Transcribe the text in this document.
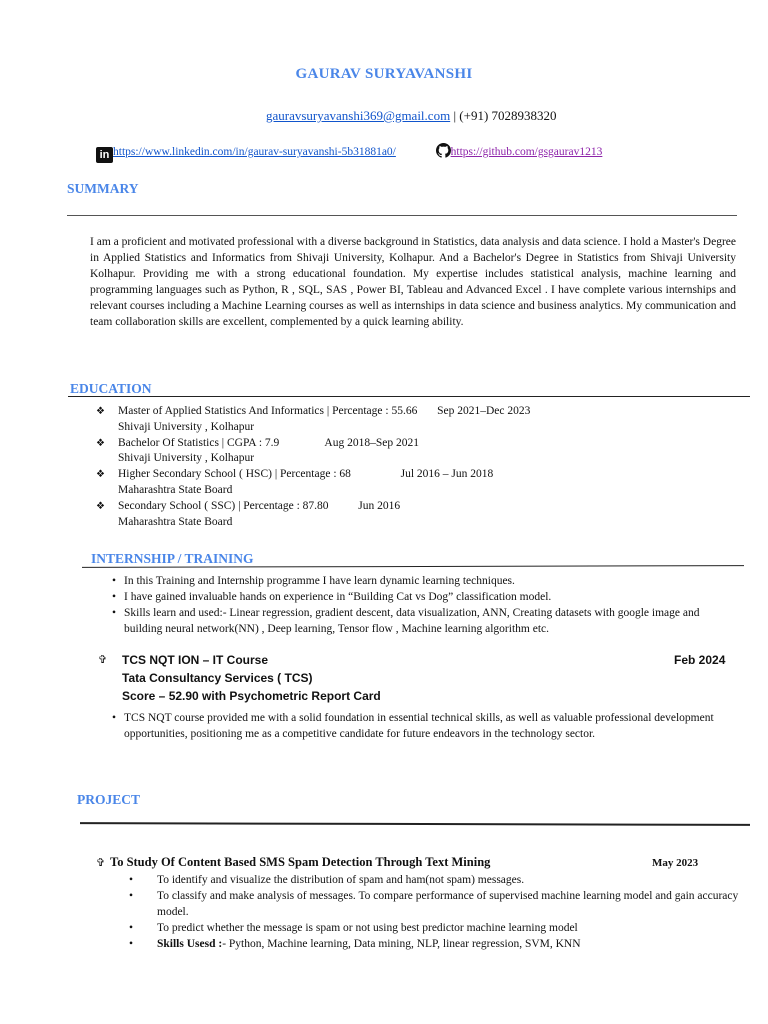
GAURAV SURYAVANSHI
gauravsuryavanshi369@gmail.com | (+91) 7028938320
in https://www.linkedin.com/in/gaurav-suryavanshi-5b31881a0/	https://github.com/gsgaurav1213
SUMMARY
I am a proficient and motivated professional with a diverse background in Statistics, data analysis and data science. I hold a Master's Degree in Applied Statistics and Informatics from Shivaji University, Kolhapur. And a Bachelor's Degree in Statistics from Shivaji University Kolhapur. Providing me with a strong educational foundation. My expertise includes statistical analysis, machine learning and programming languages such as Python, R , SQL, SAS , Power BI, Tableau and Advanced Excel . I have complete various internships and relevant courses including a Machine Learning courses as well as internships in data science and business analytics. My communication and team collaboration skills are excellent, complemented by a quick learning ability.
EDUCATION
❖ Master of Applied Statistics And Informatics | Percentage : 55.66 Sep 2021–Dec 2023
Shivaji University , Kolhapur
❖ Bachelor Of Statistics | CGPA : 7.9	Aug 2018–Sep 2021
Shivaji University , Kolhapur
❖ Higher Secondary School ( HSC) | Percentage : 68	Jul 2016 – Jun 2018
Maharashtra State Board
❖ Secondary School ( SSC) | Percentage : 87.80	Jun 2016
Maharashtra State Board
INTERNSHIP / TRAINING
• In this Training and Internship programme I have learn dynamic learning techniques.
• I have gained invaluable hands on experience in “Building Cat vs Dog” classification model.
• Skills learn and used:- Linear regression, gradient descent, data visualization, ANN, Creating datasets with google image and building neural network(NN) , Deep learning, Tensor flow , Machine learning algorithm etc.
✞ TCS NQT ION – IT Course	Feb 2024
Tata Consultancy Services ( TCS)
Score – 52.90 with Psychometric Report Card
• TCS NQT course provided me with a solid foundation in essential technical skills, as well as valuable professional development opportunities, positioning me as a competitive candidate for future endeavors in the technology sector.
PROJECT
✞ To Study Of Content Based SMS Spam Detection Through Text Mining	May 2023
• To identify and visualize the distribution of spam and ham(not spam) messages.
• To classify and make analysis of messages. To compare performance of supervised machine learning model and gain accuracy model.
• To predict whether the message is spam or not using best predictor machine learning model
• Skills Usesd :- Python, Machine learning, Data mining, NLP, linear regression, SVM, KNN
